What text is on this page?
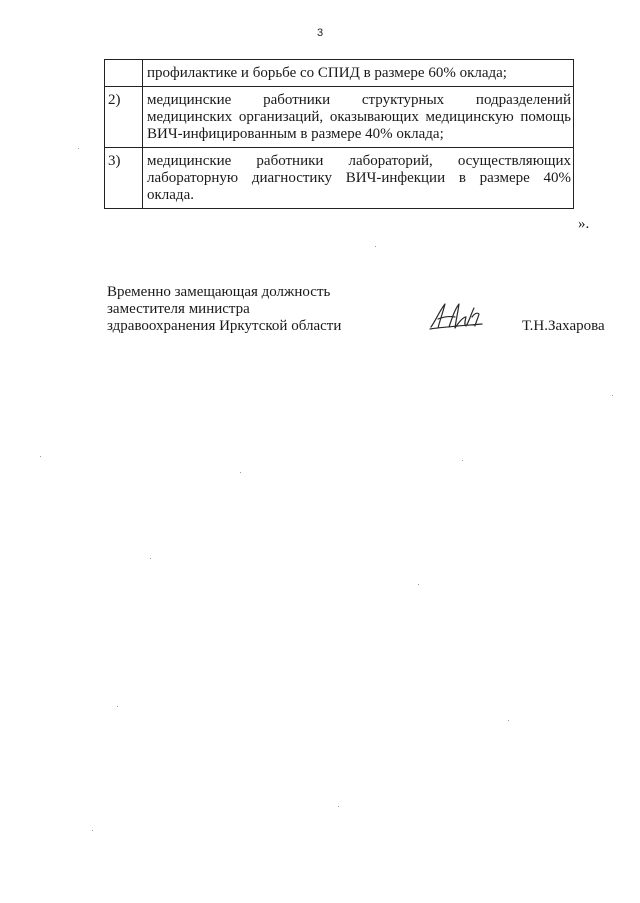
3
	профилактике и борьбе со СПИД в размере 60% оклада;
2)	медицинские работники структурных подразделений медицинских организаций, оказывающих медицинскую помощь ВИЧ-инфицированным в размере 40% оклада;
3)	медицинские работники лабораторий, осуществляющих лабораторную диагностику ВИЧ-инфекции в размере 40% оклада.
».
Временно замещающая должность
заместителя министра
здравоохранения Иркутской области	Т.Н.Захарова
